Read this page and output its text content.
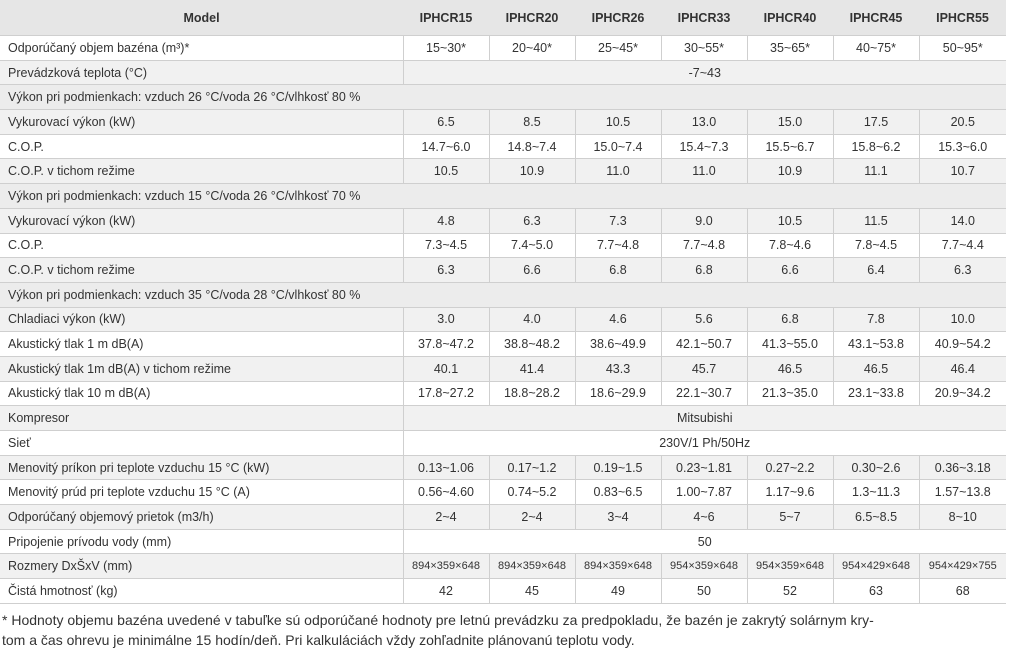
Model	IPHCR15	IPHCR20	IPHCR26	IPHCR33	IPHCR40	IPHCR45	IPHCR55
Odporúčaný objem bazéna (m³)*	15~30*	20~40*	25~45*	30~55*	35~65*	40~75*	50~95*
Prevádzková teplota (°C)	-7~43						
Výkon pri podmienkach: vzduch 26 °C/voda 26 °C/vlhkosť 80 %							
Vykurovací výkon (kW)	6.5	8.5	10.5	13.0	15.0	17.5	20.5
C.O.P.	14.7~6.0	14.8~7.4	15.0~7.4	15.4~7.3	15.5~6.7	15.8~6.2	15.3~6.0
C.O.P. v tichom režime	10.5	10.9	11.0	11.0	10.9	11.1	10.7
Výkon pri podmienkach: vzduch 15 °C/voda 26 °C/vlhkosť 70 %							
Vykurovací výkon (kW)	4.8	6.3	7.3	9.0	10.5	11.5	14.0
C.O.P.	7.3~4.5	7.4~5.0	7.7~4.8	7.7~4.8	7.8~4.6	7.8~4.5	7.7~4.4
C.O.P. v tichom režime	6.3	6.6	6.8	6.8	6.6	6.4	6.3
Výkon pri podmienkach: vzduch 35 °C/voda 28 °C/vlhkosť 80 %							
Chladiaci výkon (kW)	3.0	4.0	4.6	5.6	6.8	7.8	10.0
Akustický tlak 1 m dB(A)	37.8~47.2	38.8~48.2	38.6~49.9	42.1~50.7	41.3~55.0	43.1~53.8	40.9~54.2
Akustický tlak 1m dB(A) v tichom režime	40.1	41.4	43.3	45.7	46.5	46.5	46.4
Akustický tlak 10 m dB(A)	17.8~27.2	18.8~28.2	18.6~29.9	22.1~30.7	21.3~35.0	23.1~33.8	20.9~34.2
Kompresor	Mitsubishi						
Sieť	230V/1 Ph/50Hz						
Menovitý príkon pri teplote vzduchu 15 °C (kW)	0.13~1.06	0.17~1.2	0.19~1.5	0.23~1.81	0.27~2.2	0.30~2.6	0.36~3.18
Menovitý prúd pri teplote vzduchu 15 °C (A)	0.56~4.60	0.74~5.2	0.83~6.5	1.00~7.87	1.17~9.6	1.3~11.3	1.57~13.8
Odporúčaný objemový prietok (m3/h)	2~4	2~4	3~4	4~6	5~7	6.5~8.5	8~10
Pripojenie prívodu vody (mm)	50						
Rozmery DxŠxV (mm)	894×359×648	894×359×648	894×359×648	954×359×648	954×359×648	954×429×648	954×429×755
Čistá hmotnosť (kg)	42	45	49	50	52	63	68
* Hodnoty objemu bazéna uvedené v tabuľke sú odporúčané hodnoty pre letnú prevádzku za predpokladu, že bazén je zakrytý solárnym kry-
tom a čas ohrevu je minimálne 15 hodín/deň. Pri kalkuláciách vždy zohľadnite plánovanú teplotu vody.
